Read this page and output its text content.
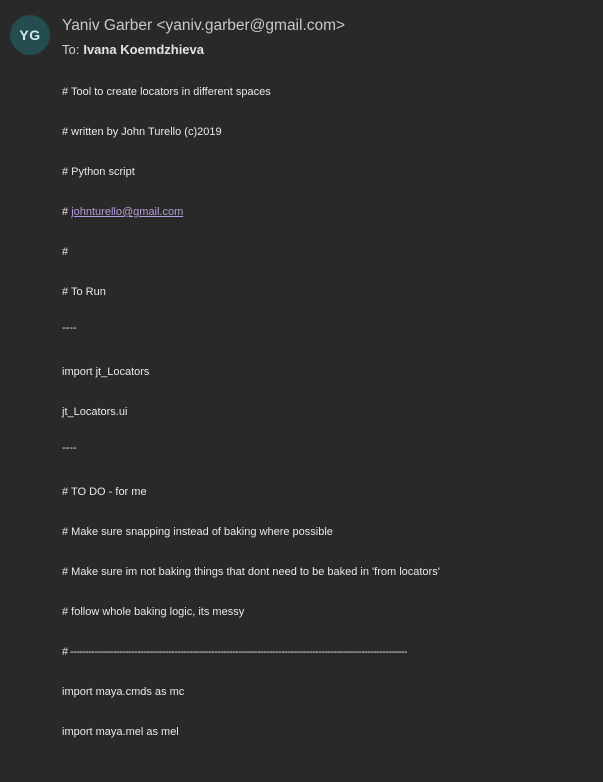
YG
Yaniv Garber <yaniv.garber@gmail.com>
To: Ivana Koemdzhieva
# Tool to create locators in different spaces
# written by John Turello (c)2019
# Python script
# johnturello@gmail.com
#
# To Run
----
import jt_Locators
jt_Locators.ui
----
# TO DO - for me
# Make sure snapping instead of baking where possible
# Make sure im not baking things that dont need to be baked in 'from locators'
# follow whole baking logic, its messy
# --------------------------------------------------------------------------------------------------------------
import maya.cmds as mc
import maya.mel as mel
